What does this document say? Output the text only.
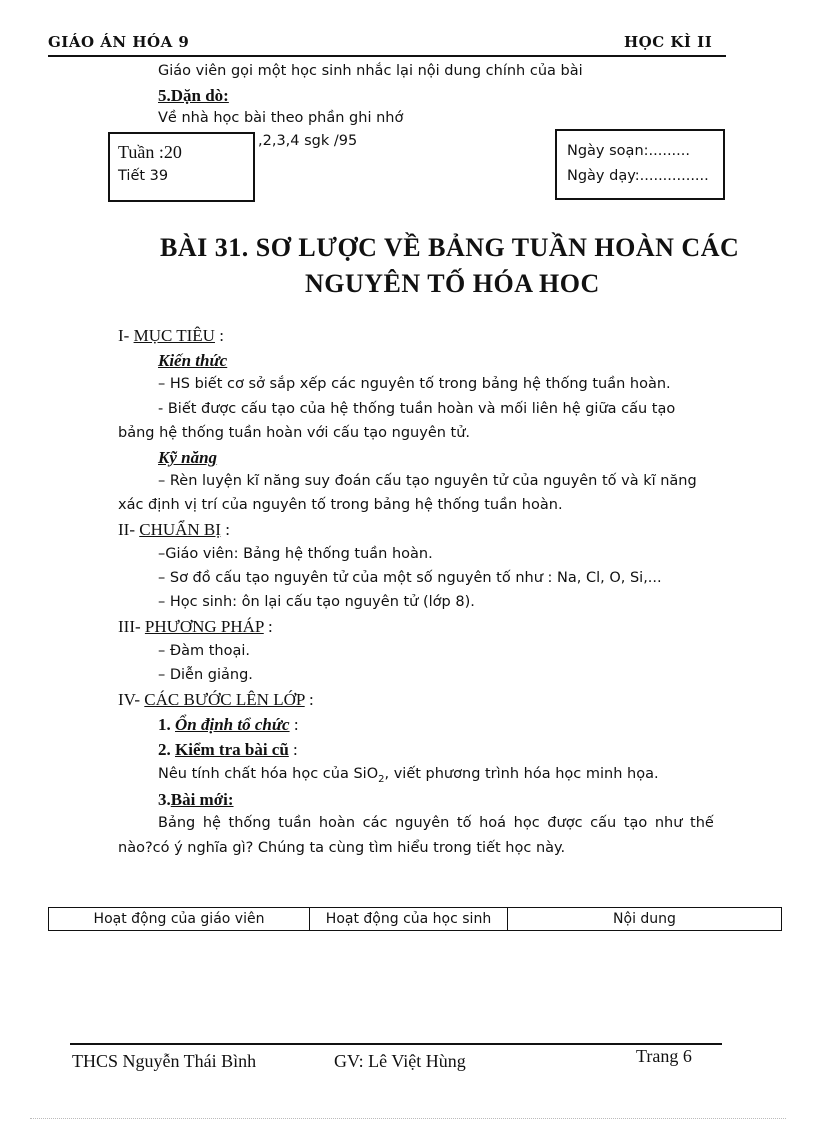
GIÁO ÁN HÓA 9	HỌC KÌ II
Giáo viên gọi một học sinh nhắc lại nội dung chính của bài
5.Dặn dò:
Về nhà học bài theo phần ghi nhớ
,2,3,4 sgk /95
Tuần :20
Tiết 39
Ngày soạn:.........
Ngày dạy:...............
BÀI 31. SƠ LƯỢC VỀ BẢNG TUẦN HOÀN CÁC
NGUYÊN TỐ HÓA HOC
I- MỤC TIÊU :
Kiến thức
– HS biết cơ sở sắp xếp các nguyên tố trong bảng hệ thống tuần hoàn.
- Biết được cấu tạo của hệ thống tuần hoàn và mối liên hệ giữa cấu tạo
bảng hệ thống tuần hoàn với cấu tạo nguyên tử.
Kỹ năng
– Rèn luyện kĩ năng suy đoán cấu tạo nguyên tử của nguyên tố và kĩ năng
xác định vị trí của nguyên tố trong bảng hệ thống tuần hoàn.
II- CHUẨN BỊ :
–Giáo viên: Bảng hệ thống tuần hoàn.
– Sơ đồ cấu tạo nguyên tử của một số nguyên tố như : Na, Cl, O, Si,...
– Học sinh: ôn lại cấu tạo nguyên tử (lớp 8).
III- PHƯƠNG PHÁP :
– Đàm thoại.
– Diễn giảng.
IV- CÁC BƯỚC LÊN LỚP :
1. Ổn định tổ chức :
2. Kiểm tra bài cũ :
Nêu tính chất hóa học của SiO$_2$, viết phương trình hóa học minh họa.
3.Bài mới:
Bảng hệ thống tuần hoàn các nguyên tố hoá học được cấu tạo như thế
nào?có ý nghĩa gì? Chúng ta cùng tìm hiểu trong tiết học này.
Hoạt động của giáo viên	Hoạt động của học sinh	Nội dung
THCS Nguyễn Thái Bình	GV: Lê Việt Hùng	Trang 6
